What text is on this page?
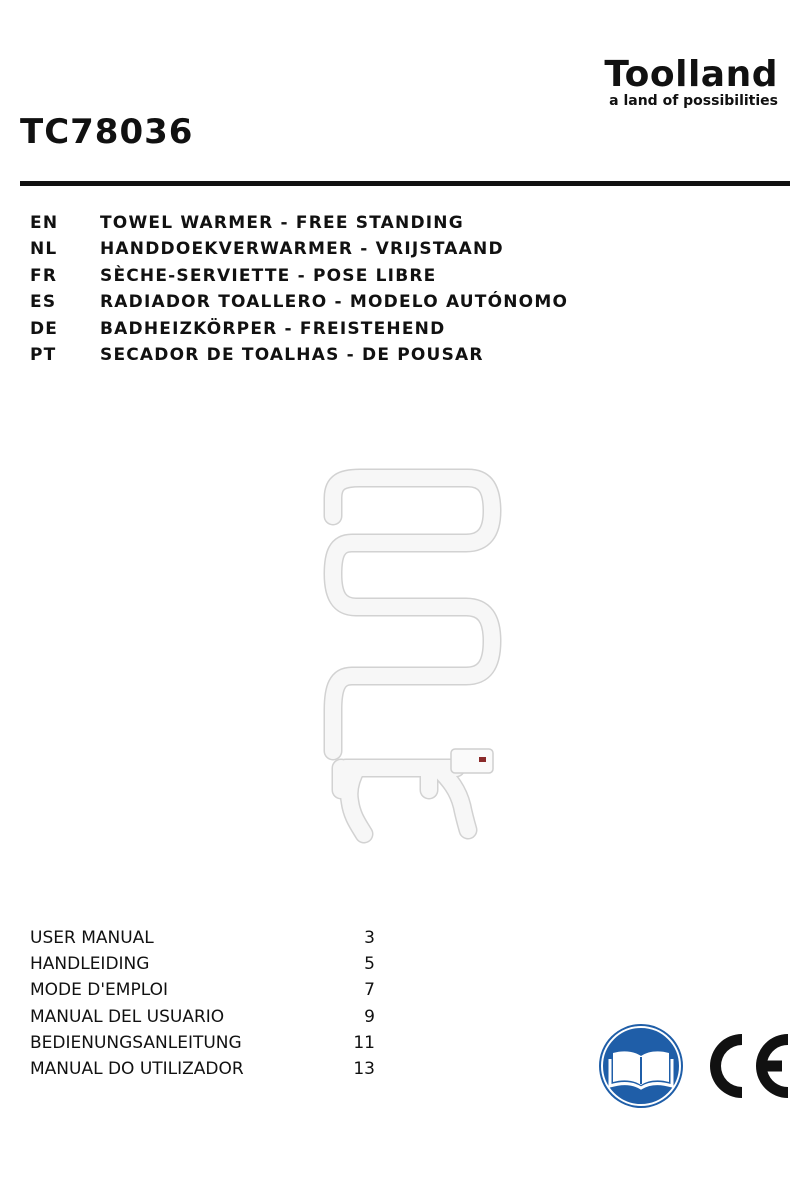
Toolland
a land of possibilities
TC78036
EN TOWEL WARMER - FREE STANDING
NL	HANDDOEKVERWARMER - VRIJSTAAND
FR	SÈCHE-SERVIETTE - POSE LIBRE
ES	RADIADOR TOALLERO - MODELO AUTÓNOMO
DE BADHEIZKÖRPER - FREISTEHEND
PT	SECADOR DE TOALHAS - DE POUSAR
USER MANUAL	3
HANDLEIDING	5
MODE D'EMPLOI	7
MANUAL DEL USUARIO	9
BEDIENUNGSANLEITUNG	11
MANUAL DO UTILIZADOR	13
